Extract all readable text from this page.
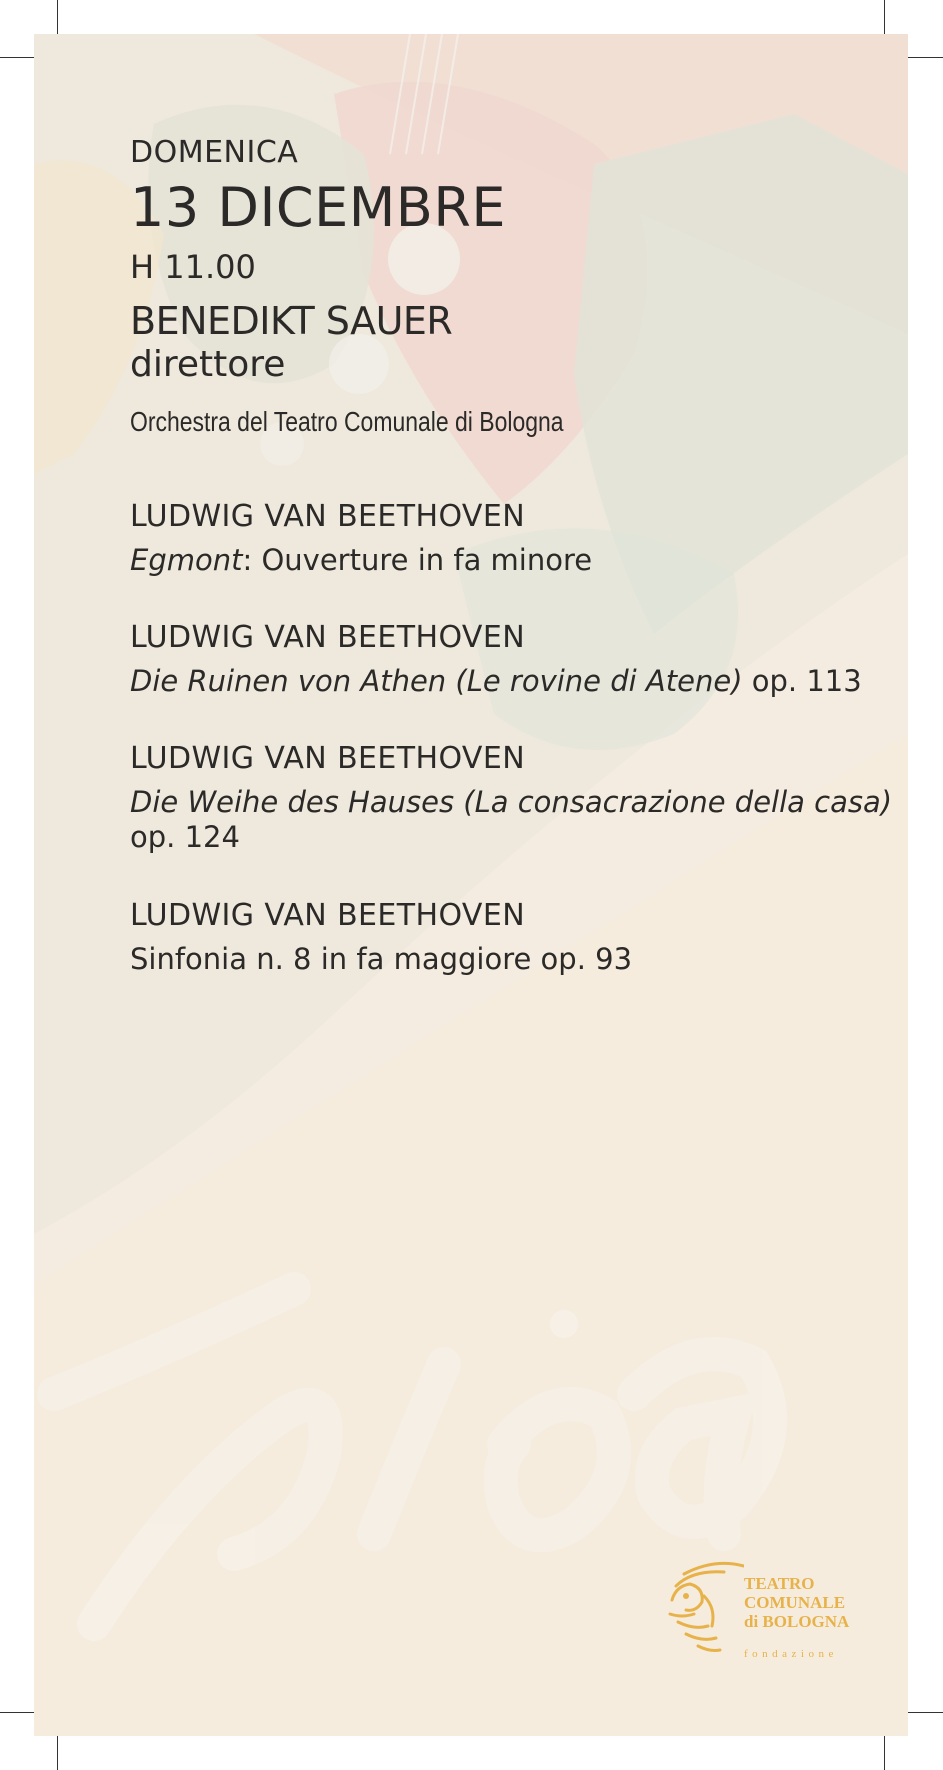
DOMENICA

13 DICEMBRE

H 11.00

BENEDIKT SAUER

direttore

Orchestra del Teatro Comunale di Bologna

LUDWIG VAN BEETHOVEN

Egmont: Ouverture in fa minore

LUDWIG VAN BEETHOVEN

Die Ruinen von Athen (Le rovine di Atene) op. 113

LUDWIG VAN BEETHOVEN

Die Weihe des Hauses (La consacrazione della casa)

op. 124

LUDWIG VAN BEETHOVEN

Sinfonia n. 8 in fa maggiore op. 93

TEATRO
COMUNALE
di BOLOGNA
fondazione
